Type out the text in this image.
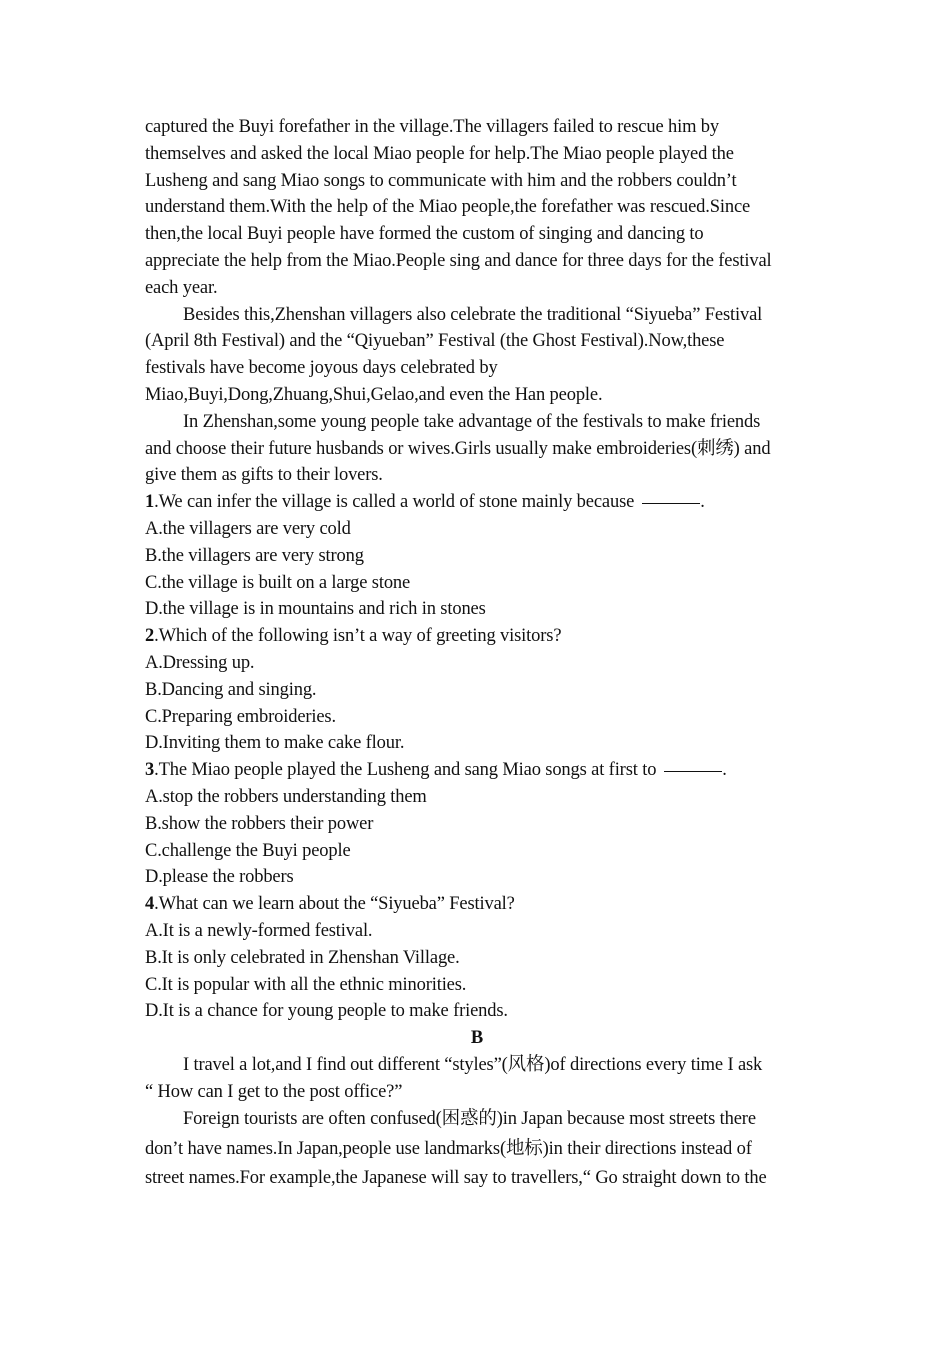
captured the Buyi forefather in the village.The villagers failed to rescue him by
themselves and asked the local Miao people for help.The Miao people played the
Lusheng and sang Miao songs to communicate with him and the robbers couldn’t
understand them.With the help of the Miao people,the forefather was rescued.Since
then,the local Buyi people have formed the custom of singing and dancing to
appreciate the help from the Miao.People sing and dance for three days for the festival
each year.
Besides this,Zhenshan villagers also celebrate the traditional “Siyueba” Festival
(April 8th Festival) and the “Qiyueban” Festival (the Ghost Festival).Now,these
festivals have become joyous days celebrated by
Miao,Buyi,Dong,Zhuang,Shui,Gelao,and even the Han people.
In Zhenshan,some young people take advantage of the festivals to make friends
and choose their future husbands or wives.Girls usually make embroideries(刺绣) and
give them as gifts to their lovers.
1.We can infer the village is called a world of stone mainly because	.
A.the villagers are very cold
B.the villagers are very strong
C.the village is built on a large stone
D.the village is in mountains and rich in stones
2.Which of the following isn’t a way of greeting visitors?
A.Dressing up.
B.Dancing and singing.
C.Preparing embroideries.
D.Inviting them to make cake flour.
3.The Miao people played the Lusheng and sang Miao songs at first to	.
A.stop the robbers understanding them
B.show the robbers their power
C.challenge the Buyi people
D.please the robbers
4.What can we learn about the “Siyueba” Festival?
A.It is a newly-formed festival.
B.It is only celebrated in Zhenshan Village.
C.It is popular with all the ethnic minorities.
D.It is a chance for young people to make friends.
B
I travel a lot,and I find out different “styles”(风格)of directions every time I ask
“ How can I get to the post office?”
Foreign tourists are often confused(困惑的)in Japan because most streets there
don’t have names.In Japan,people use landmarks(地标)in their directions instead of
street names.For example,the Japanese will say to travellers,“ Go straight down to the
